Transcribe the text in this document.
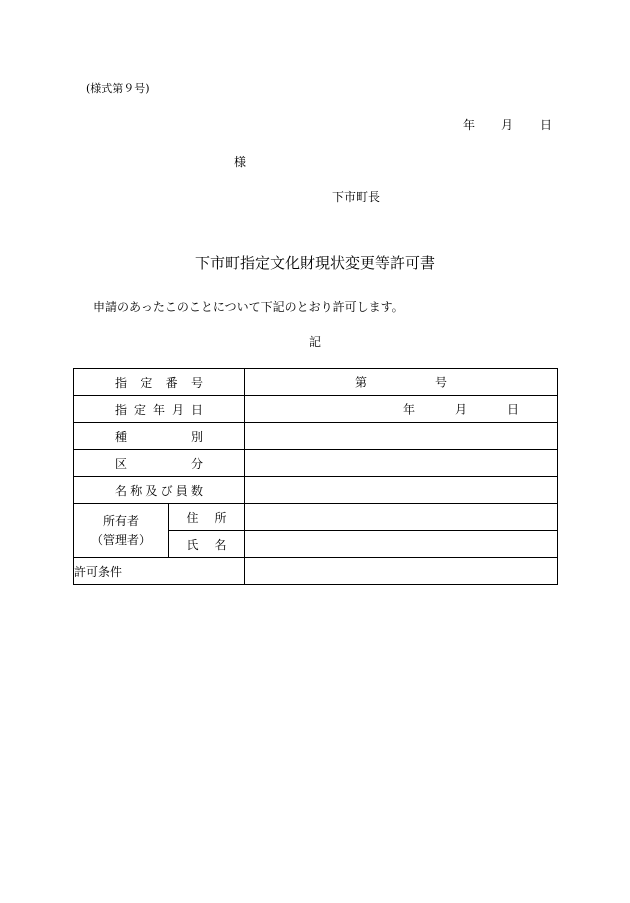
(様式第９号)
年 月 日
様
下市町長
下市町指定文化財現状変更等許可書
申請のあったこのことについて下記のとおり許可します。
記
指定番号		第 号

指定年月日		年 月 日

種別		
区分		
名称及び員数		

所有者
（管理者）	住所	
	氏名	
許可条件		
